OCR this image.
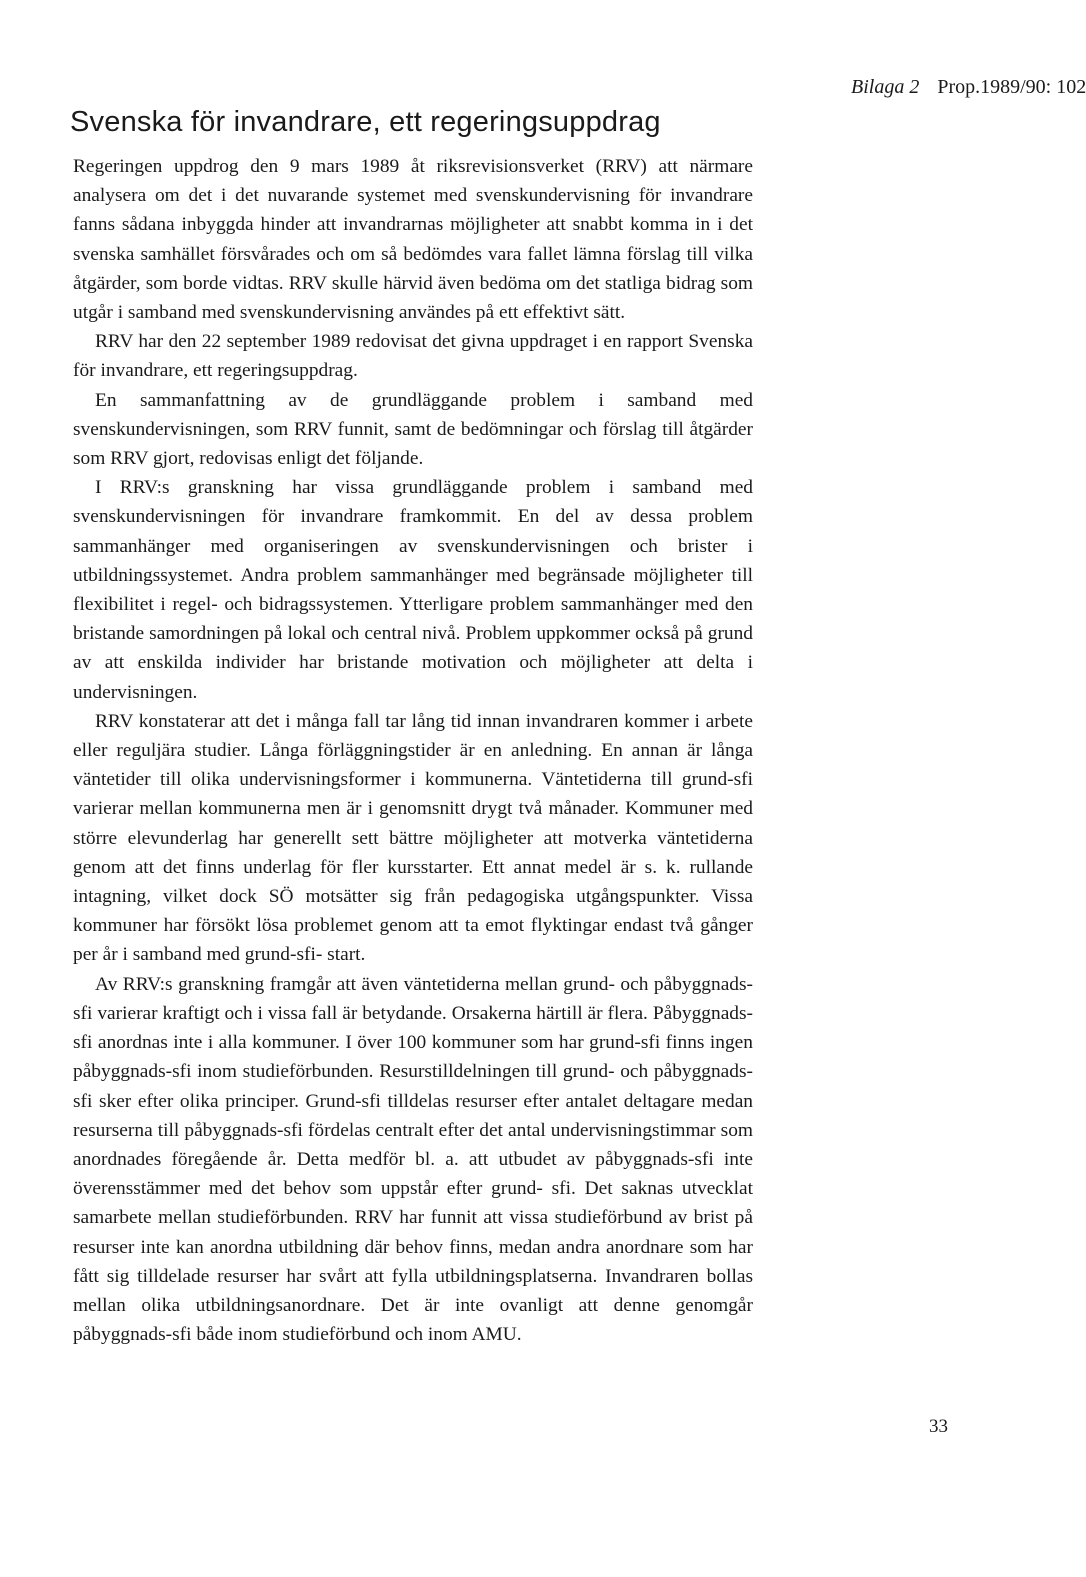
Bilaga 2 Prop.1989/90: 102
Svenska för invandrare, ett regeringsuppdrag

Regeringen uppdrog den 9 mars 1989 åt riksrevisionsverket (RRV) att närmare analysera om det i det nuvarande systemet med svenskundervisning för invandrare fanns sådana inbyggda hinder att invandrarnas möjligheter att snabbt komma in i det svenska samhället försvårades och om så bedömdes vara fallet lämna förslag till vilka åtgärder, som borde vidtas. RRV skulle härvid även bedöma om det statliga bidrag som utgår i samband med svenskundervisning användes på ett effektivt sätt.

RRV har den 22 september 1989 redovisat det givna uppdraget i en rapport Svenska för invandrare, ett regeringsuppdrag.

En sammanfattning av de grundläggande problem i samband med svenskundervisningen, som RRV funnit, samt de bedömningar och förslag till åtgärder som RRV gjort, redovisas enligt det följande.

I RRV:s granskning har vissa grundläggande problem i samband med svenskundervisningen för invandrare framkommit. En del av dessa problem sammanhänger med organiseringen av svenskundervisningen och brister i utbildningssystemet. Andra problem sammanhänger med begränsade möjligheter till flexibilitet i regel- och bidragssystemen. Ytterligare problem sammanhänger med den bristande samordningen på lokal och central nivå. Problem uppkommer också på grund av att enskilda individer har bristande motivation och möjligheter att delta i undervisningen.

RRV konstaterar att det i många fall tar lång tid innan invandraren kommer i arbete eller reguljära studier. Långa förläggningstider är en anledning. En annan är långa väntetider till olika undervisningsformer i kommunerna. Väntetiderna till grund-sfi varierar mellan kommunerna men är i genomsnitt drygt två månader. Kommuner med större elevunderlag har generellt sett bättre möjligheter att motverka väntetiderna genom att det finns underlag för fler kursstarter. Ett annat medel är s. k. rullande intagning, vilket dock SÖ motsätter sig från pedagogiska utgångspunkter. Vissa kommuner har försökt lösa problemet genom att ta emot flyktingar endast två gånger per år i samband med grund-sfi- start.

Av RRV:s granskning framgår att även väntetiderna mellan grund- och påbyggnads-sfi varierar kraftigt och i vissa fall är betydande. Orsakerna härtill är flera. Påbyggnads-sfi anordnas inte i alla kommuner. I över 100 kommuner som har grund-sfi finns ingen påbyggnads-sfi inom studieförbunden. Resurstilldelningen till grund- och påbyggnads-sfi sker efter olika principer. Grund-sfi tilldelas resurser efter antalet deltagare medan resurserna till påbyggnads-sfi fördelas centralt efter det antal undervisningstimmar som anordnades föregående år. Detta medför bl. a. att utbudet av påbyggnads-sfi inte överensstämmer med det behov som uppstår efter grund- sfi. Det saknas utvecklat samarbete mellan studieförbunden. RRV har funnit att vissa studieförbund av brist på resurser inte kan anordna utbildning där behov finns, medan andra anordnare som har fått sig tilldelade resurser har svårt att fylla utbildningsplatserna. Invandraren bollas mellan olika utbildningsanordnare. Det är inte ovanligt att denne genomgår påbyggnads-sfi både inom studieförbund och inom AMU.

33
